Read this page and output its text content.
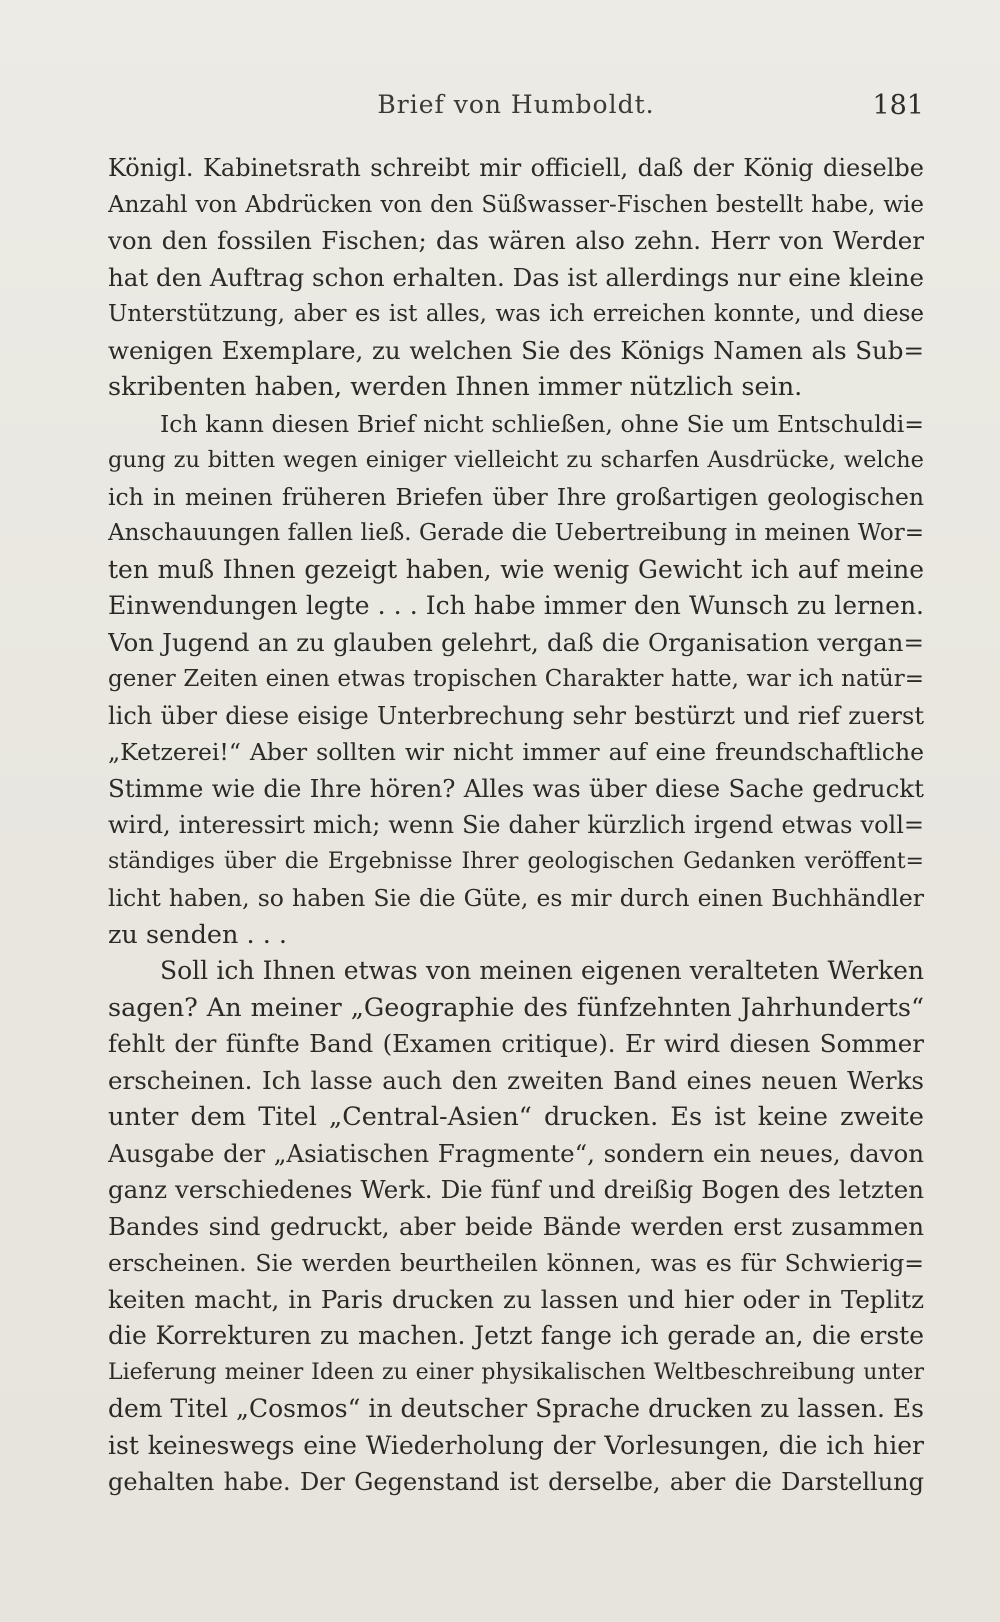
Brief von Humboldt.	181
Königl. Kabinetsrath schreibt mir officiell, daß der König dieselbe
Anzahl von Abdrücken von den Süßwasser-Fischen bestellt habe, wie
von den fossilen Fischen; das wären also zehn. Herr von Werder
hat den Auftrag schon erhalten. Das ist allerdings nur eine kleine
Unterstützung, aber es ist alles, was ich erreichen konnte, und diese
wenigen Exemplare, zu welchen Sie des Königs Namen als Sub=
skribenten haben, werden Ihnen immer nützlich sein.
Ich kann diesen Brief nicht schließen, ohne Sie um Entschuldi=
gung zu bitten wegen einiger vielleicht zu scharfen Ausdrücke, welche
ich in meinen früheren Briefen über Ihre großartigen geologischen
Anschauungen fallen ließ. Gerade die Uebertreibung in meinen Wor=
ten muß Ihnen gezeigt haben, wie wenig Gewicht ich auf meine
Einwendungen legte . . . Ich habe immer den Wunsch zu lernen.
Von Jugend an zu glauben gelehrt, daß die Organisation vergan=
gener Zeiten einen etwas tropischen Charakter hatte, war ich natür=
lich über diese eisige Unterbrechung sehr bestürzt und rief zuerst
„Ketzerei!“ Aber sollten wir nicht immer auf eine freundschaftliche
Stimme wie die Ihre hören? Alles was über diese Sache gedruckt
wird, interessirt mich; wenn Sie daher kürzlich irgend etwas voll=
ständiges über die Ergebnisse Ihrer geologischen Gedanken veröffent=
licht haben, so haben Sie die Güte, es mir durch einen Buchhändler
zu senden . . .
Soll ich Ihnen etwas von meinen eigenen veralteten Werken
sagen? An meiner „Geographie des fünfzehnten Jahrhunderts“
fehlt der fünfte Band (Examen critique). Er wird diesen Sommer
erscheinen. Ich lasse auch den zweiten Band eines neuen Werks
unter dem Titel „Central-Asien“ drucken. Es ist keine zweite
Ausgabe der „Asiatischen Fragmente“, sondern ein neues, davon
ganz verschiedenes Werk. Die fünf und dreißig Bogen des letzten
Bandes sind gedruckt, aber beide Bände werden erst zusammen
erscheinen. Sie werden beurtheilen können, was es für Schwierig=
keiten macht, in Paris drucken zu lassen und hier oder in Teplitz
die Korrekturen zu machen. Jetzt fange ich gerade an, die erste
Lieferung meiner Ideen zu einer physikalischen Weltbeschreibung unter
dem Titel „Cosmos“ in deutscher Sprache drucken zu lassen. Es
ist keineswegs eine Wiederholung der Vorlesungen, die ich hier
gehalten habe. Der Gegenstand ist derselbe, aber die Darstellung
